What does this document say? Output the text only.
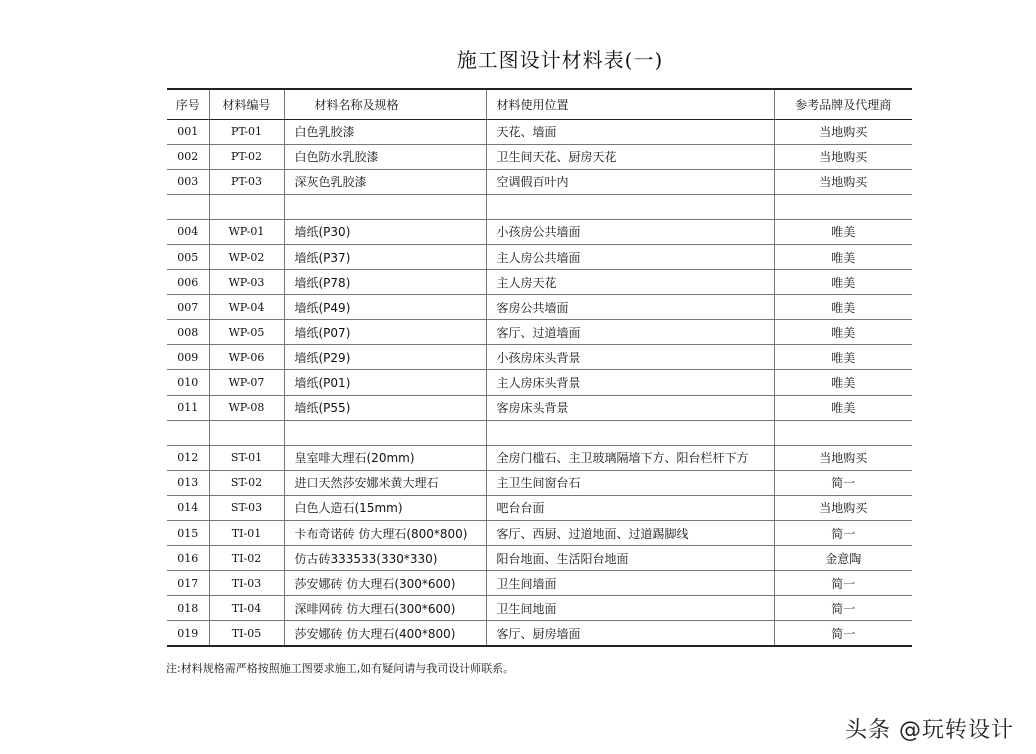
施工图设计材料表(一)
序号	材料编号	材料名称及规格	材料使用位置	参考品牌及代理商
001	PT-01	白色乳胶漆	天花、墙面	当地购买
002	PT-02	白色防水乳胶漆	卫生间天花、厨房天花	当地购买
003	PT-03	深灰色乳胶漆	空调假百叶内	当地购买

004	WP-01	墙纸(P30)	小孩房公共墙面	唯美
005	WP-02	墙纸(P37)	主人房公共墙面	唯美
006	WP-03	墙纸(P78)	主人房天花	唯美
007	WP-04	墙纸(P49)	客房公共墙面	唯美
008	WP-05	墙纸(P07)	客厅、过道墙面	唯美
009	WP-06	墙纸(P29)	小孩房床头背景	唯美
010	WP-07	墙纸(P01)	主人房床头背景	唯美
011	WP-08	墙纸(P55)	客房床头背景	唯美

012	ST-01	皇室啡大理石(20mm)	全房门槛石、主卫玻璃隔墙下方、阳台栏杆下方	当地购买
013	ST-02	进口天然莎安娜米黄大理石	主卫生间窗台石	简一
014	ST-03	白色人造石(15mm)	吧台台面	当地购买
015	TI-01	卡布奇诺砖 仿大理石(800*800)	客厅、西厨、过道地面、过道踢脚线	简一
016	TI-02	仿古砖333533(330*330)	阳台地面、生活阳台地面	金意陶
017	TI-03	莎安娜砖 仿大理石(300*600)	卫生间墙面	简一
018	TI-04	深啡网砖 仿大理石(300*600)	卫生间地面	简一
019	TI-05	莎安娜砖 仿大理石(400*800)	客厅、厨房墙面	简一
注:材料规格需严格按照施工图要求施工,如有疑问请与我司设计师联系。
头条 @玩转设计
